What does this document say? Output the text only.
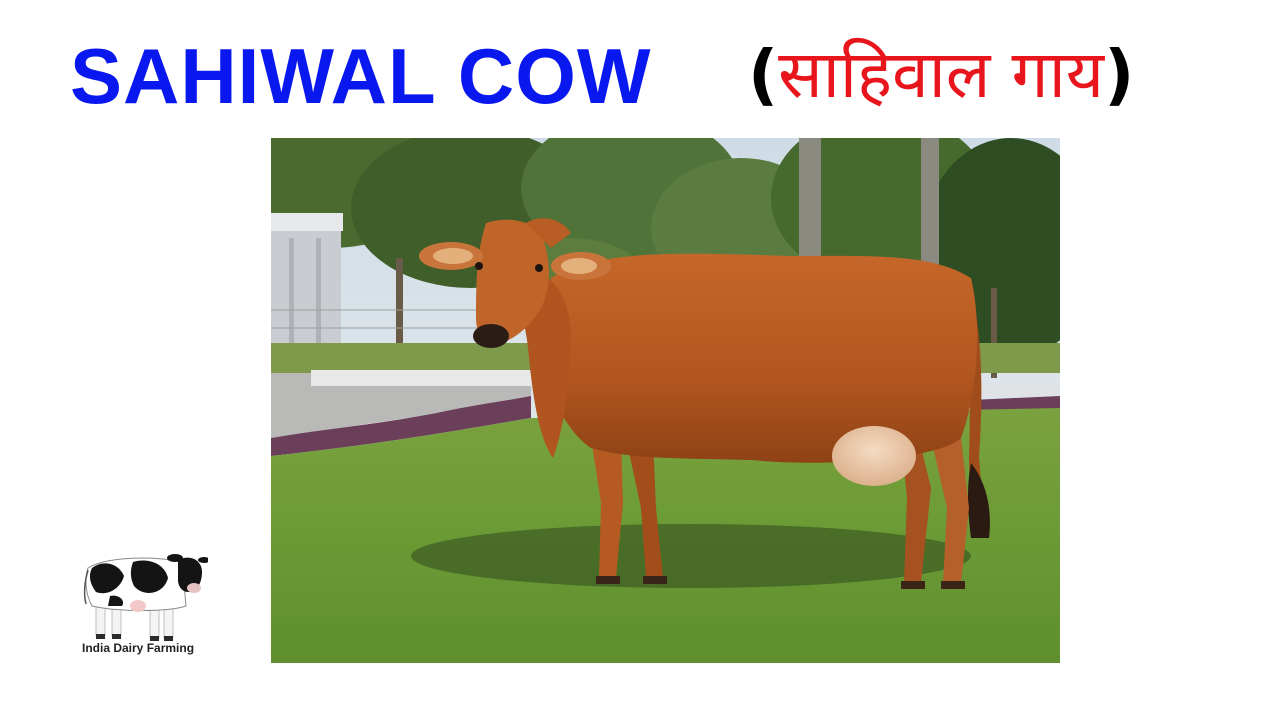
SAHIWAL COW (साहिवाल गाय)
India Dairy Farming
